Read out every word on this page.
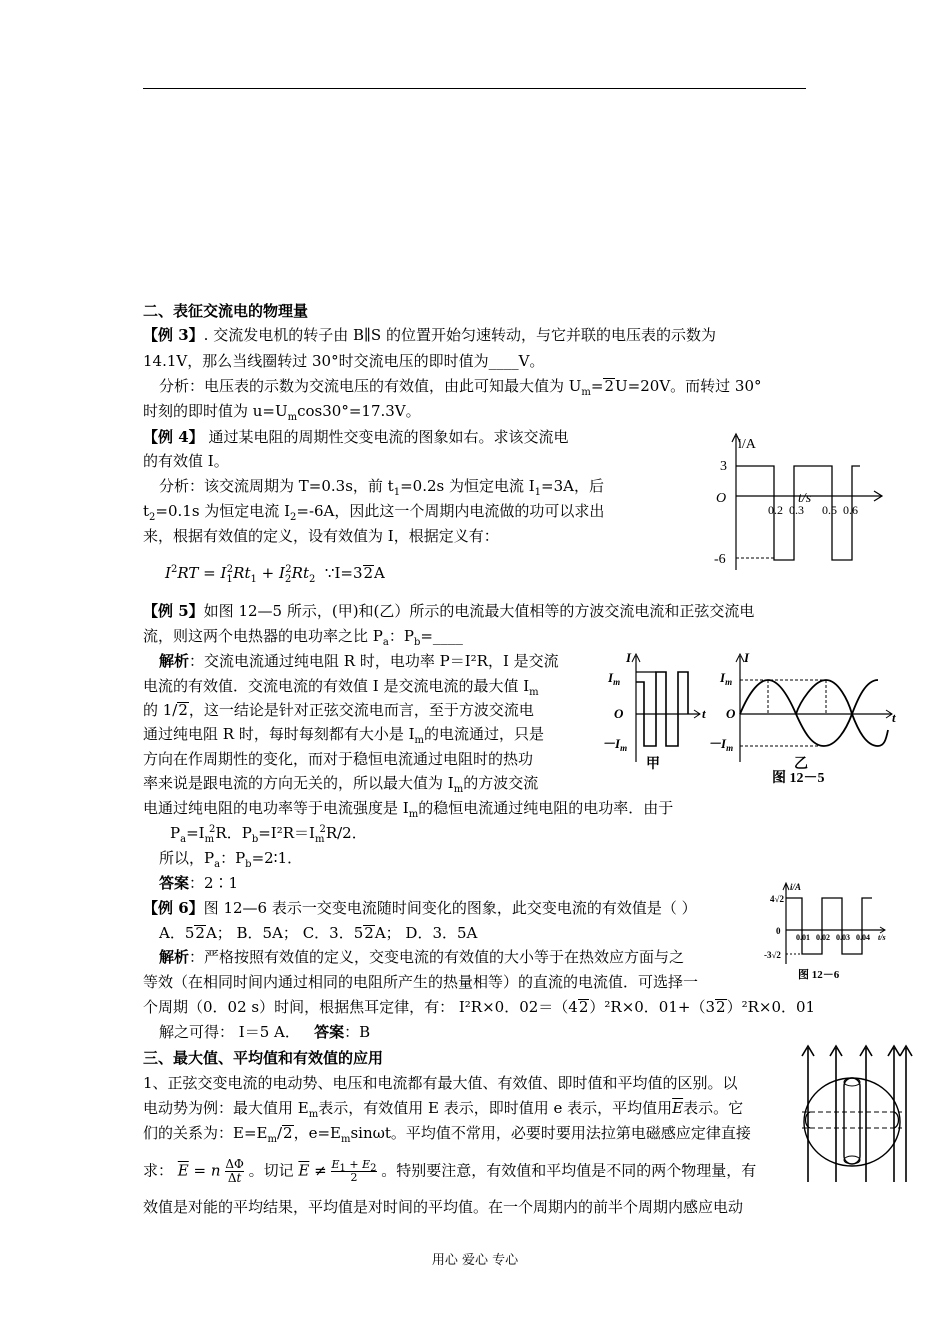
二、表征交流电的物理量
【例 3】. 交流发电机的转子由 B∥S 的位置开始匀速转动，与它并联的电压表的示数为
14.1V，那么当线圈转过 30°时交流电压的即时值为____V。
分析：电压表的示数为交流电压的有效值，由此可知最大值为 $U_m=2U=20V$。而转过 30°
时刻的即时值为 $u=U_m\cos 30^\circ=17.3V$。
【例 4】 通过某电阻的周期性交变电流的图象如右。求该交流电
的有效值 I。
分析：该交流周期为 T=0.3s，前 $t_1=0.2s$ 为恒定电流 $I_1=3A$，后
$t_2=0.1s$ 为恒定电流 $I_2=-6A$，因此这一个周期内电流做的功可以求出
来，根据有效值的定义，设有效值为 I，根据定义有：
$I^2RT = I_1^2Rt_1 + I_2^2Rt_2$ ∵I=32A
i/A
3
-6
O	t/s
0.2 0.3 0.5 0.6
【例 5】如图 12—5 所示，(甲)和(乙）所示的电流最大值相等的方波交流电流和正弦交流电
流，则这两个电热器的电功率之比 $P_a$：$P_b=\_\_\_\_$
解析：交流电流通过纯电阻 R 时，电功率 P＝I²R，I 是交流
电流的有效值．交流电流的有效值 I 是交流电流的最大值 $I_m$
的 1/2，这一结论是针对正弦交流电而言，至于方波交流电
通过纯电阻 R 时，每时每刻都有大小是 $I_m$的电流通过，只是
方向在作周期性的变化，而对于稳恒电流通过电阻时的热功
率来说是跟电流的方向无关的，所以最大值为 $I_m$的方波交流
电通过纯电阻的电功率等于电流强度是 $I_m$的稳恒电流通过纯电阻的电功率．由于
$P_a=I_m^2R$．$P_b=I^2R=I_m^2R/2$．
所以，$P_a$：$P_b=2∶1$．
答案：2∶1
I
$I_m$
O
$-I_m$
t
甲
I
$I_m$
O
$-I_m$
t
图 12－5
乙
【例 6】图 12—6 表示一交变电流随时间变化的图象，此交变电流的有效值是（ ）
A．52A； B．5A； C．3．52A； D．3．5A
解析：严格按照有效值的定义，交变电流的有效值的大小等于在热效应方面与之
等效（在相同时间内通过相同的电阻所产生的热量相等）的直流的电流值．可选择一
个周期（0．02 s）时间，根据焦耳定律，有： I²R×0．02＝（42）²R×0．01+（32）²R×0．01
解之可得： I＝5 A． 答案：B
i/A
4√2
-3√2
0
0.01 0.02 0.03 0.04 t/s
图 12－6
三、最大值、平均值和有效值的应用
1、正弦交变电流的电动势、电压和电流都有最大值、有效值、即时值和平均值的区别。以
电动势为例：最大值用 $E_m$表示，有效值用 E 表示，即时值用 e 表示，平均值用$\overline{E}$表示。它
们的关系为：$E=E_m/2$，$e=E_m\sin\omega t$。平均值不常用，必要时要用法拉第电磁感应定律直接
求： $\overline{E} = n \frac{\Delta\Phi}{\Delta t}$ 。切记 $\overline{E} \ne \frac{E_1 + E_2}{2}$ 。特别要注意，有效值和平均值是不同的两个物理量，有
效值是对能的平均结果，平均值是对时间的平均值。在一个周期内的前半个周期内感应电动
用心 爱心 专心
